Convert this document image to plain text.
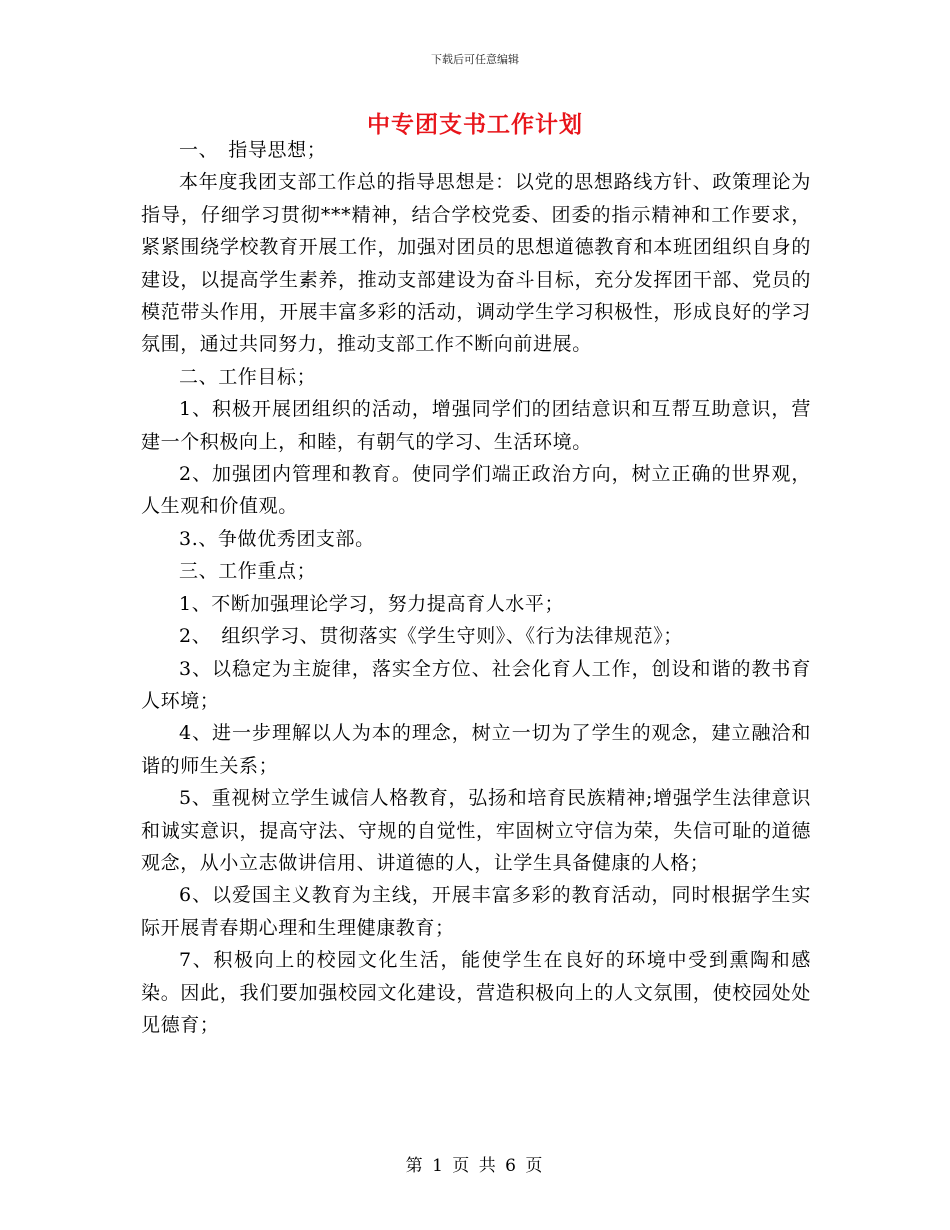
下载后可任意编辑
中专团支书工作计划

一、　指导思想；

本年度我团支部工作总的指导思想是：以党的思想路线方针、政策理论为指导，仔细学习贯彻***精神，结合学校党委、团委的指示精神和工作要求，紧紧围绕学校教育开展工作，加强对团员的思想道德教育和本班团组织自身的建设，以提高学生素养，推动支部建设为奋斗目标，充分发挥团干部、党员的模范带头作用，开展丰富多彩的活动，调动学生学习积极性，形成良好的学习氛围，通过共同努力，推动支部工作不断向前进展。

二、工作目标；

1、积极开展团组织的活动，增强同学们的团结意识和互帮互助意识，营建一个积极向上，和睦，有朝气的学习、生活环境。

2、加强团内管理和教育。使同学们端正政治方向，树立正确的世界观，人生观和价值观。

3.、争做优秀团支部。

三、工作重点；

1、不断加强理论学习，努力提高育人水平；

2、　组织学习、贯彻落实《学生守则》、《行为法律规范》；

3、以稳定为主旋律，落实全方位、社会化育人工作，创设和谐的教书育人环境；

4、进一步理解以人为本的理念，树立一切为了学生的观念，建立融洽和谐的师生关系；

5、重视树立学生诚信人格教育，弘扬和培育民族精神;增强学生法律意识和诚实意识，提高守法、守规的自觉性，牢固树立守信为荣，失信可耻的道德观念，从小立志做讲信用、讲道德的人，让学生具备健康的人格；

6、以爱国主义教育为主线，开展丰富多彩的教育活动，同时根据学生实际开展青春期心理和生理健康教育；

7、积极向上的校园文化生活，能使学生在良好的环境中受到熏陶和感染。因此，我们要加强校园文化建设，营造积极向上的人文氛围，使校园处处见德育；

第 1 页 共 6 页
